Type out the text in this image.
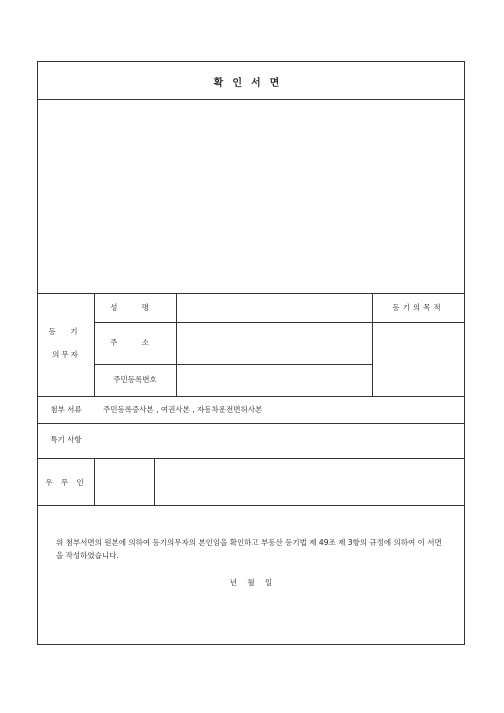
확인서면
등 기
의무자
성 명
주 소
주민등록번호
등기의목적
첨부 서류	주민등록증사본 , 여권사본 , 자동차운전면허사본
특기 사항
우 무 인
위 첨부서면의 원본에 의하여 등기의무자의 본인임을 확인하고 부동산 등기법 제 49조 제 3항의 규정에 의하여 이 서면을 작성하였습니다.
년 월 일
